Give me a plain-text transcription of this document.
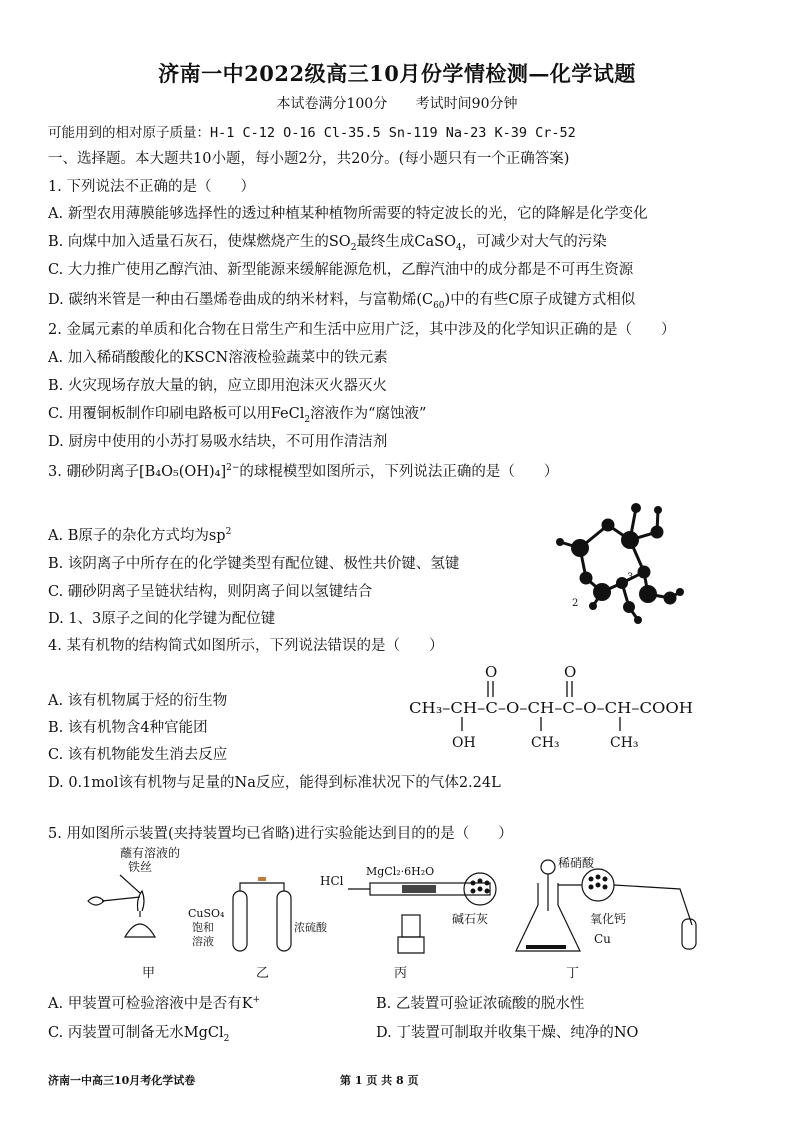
济南一中2022级高三10月份学情检测—化学试题
本试卷满分100分 考试时间90分钟
可能用到的相对原子质量：H-1 C-12 O-16 Cl-35.5 Sn-119 Na-23 K-39 Cr-52
一、选择题。本大题共10小题，每小题2分，共20分。(每小题只有一个正确答案)
1. 下列说法不正确的是（　　）
A. 新型农用薄膜能够选择性的透过种植某种植物所需要的特定波长的光，它的降解是化学变化
B. 向煤中加入适量石灰石，使煤燃烧产生的$SO_2$最终生成CaSO$_4$，可减少对大气的污染
C. 大力推广使用乙醇汽油、新型能源来缓解能源危机，乙醇汽油中的成分都是不可再生资源
D. 碳纳米管是一种由石墨烯卷曲成的纳米材料，与富勒烯$(C_{60})$中的有些C原子成键方式相似
2. 金属元素的单质和化合物在日常生产和生活中应用广泛，其中涉及的化学知识正确的是（　　）
A. 加入稀硝酸酸化的KSCN溶液检验蔬菜中的铁元素
B. 火灾现场存放大量的钠，应立即用泡沫灭火器灭火
C. 用覆铜板制作印刷电路板可以用FeCl$_2$溶液作为“腐蚀液”
D. 厨房中使用的小苏打易吸水结块，不可用作清洁剂
3. 硼砂阴离子$[B_4O_5(OH)_4]^{2-}$的球棍模型如图所示，下列说法正确的是（　　）
A. B原子的杂化方式均为$sp^2$
B. 该阴离子中所存在的化学键类型有配位键、极性共价键、氢键
C. 硼砂阴离子呈链状结构，则阴离子间以氢键结合
D. 1、3原子之间的化学键为配位键
1
2
3
4. 某有机物的结构简式如图所示，下列说法错误的是（　　）
A. 该有机物属于烃的衍生物
B. 该有机物含4种官能团
C. 该有机物能发生消去反应
D. 0.1mol该有机物与足量的Na反应，能得到标准状况下的气体2.24L
O	O
CH₃–CH–C–O–CH–C–O–CH–COOH
OH	CH₃	CH₃
5. 用如图所示装置(夹持装置均已省略)进行实验能达到目的的是（　　）
蘸有溶液的
铁丝
CuSO₄
饱和
溶液
浓硫酸
HCl
MgCl₂·6H₂O
碱石灰
稀硝酸
氧化钙
Cu
甲	乙	丙	丁
A. 甲装置可检验溶液中是否有K+	B. 乙装置可验证浓硫酸的脱水性
C. 丙装置可制备无水MgCl$_2$	D. 丁装置可制取并收集干燥、纯净的NO
济南一中高三10月考化学试卷	第 1 页 共 8 页
